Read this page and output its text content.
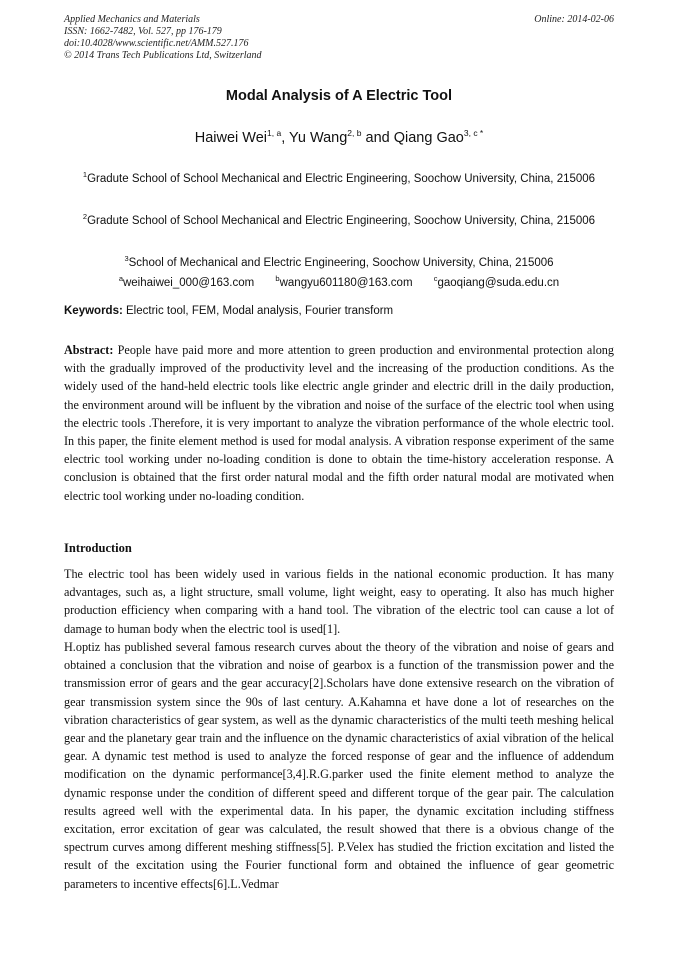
Applied Mechanics and Materials
ISSN: 1662-7482, Vol. 527, pp 176-179
doi:10.4028/www.scientific.net/AMM.527.176
© 2014 Trans Tech Publications Ltd, Switzerland
Online: 2014-02-06
Modal Analysis of A Electric Tool
Haiwei Wei$^{1, a}$, Yu Wang$^{2, b}$ and Qiang Gao$^{3, c *}$
$^1$Gradute School of School Mechanical and Electric Engineering, Soochow University, China, 215006
$^2$Gradute School of School Mechanical and Electric Engineering, Soochow University, China, 215006
$^3$School of Mechanical and Electric Engineering, Soochow University, China, 215006
$^a$weihaiwei_000@163.com	$^b$wangyu601180@163.com	$^c$gaoqiang@suda.edu.cn
Keywords: Electric tool, FEM, Modal analysis, Fourier transform
Abstract: People have paid more and more attention to green production and environmental protection along with the gradually improved of the productivity level and the increasing of the production conditions. As the widely used of the hand-held electric tools like electric angle grinder and electric drill in the daily production, the environment around will be influent by the vibration and noise of the surface of the electric tool when using the electric tools .Therefore, it is very important to analyze the vibration performance of the whole electric tool. In this paper, the finite element method is used for modal analysis. A vibration response experiment of the same electric tool working under no-loading condition is done to obtain the time-history acceleration response. A conclusion is obtained that the first order natural modal and the fifth order natural modal are motivated when electric tool working under no-loading condition.
Introduction
The electric tool has been widely used in various fields in the national economic production. It has many advantages, such as, a light structure, small volume, light weight, easy to operating. It also has much higher production efficiency when comparing with a hand tool. The vibration of the electric tool can cause a lot of damage to human body when the electric tool is used[1].
H.optiz has published several famous research curves about the theory of the vibration and noise of gears and obtained a conclusion that the vibration and noise of gearbox is a function of the transmission power and the transmission error of gears and the gear accuracy[2].Scholars have done extensive research on the vibration of gear transmission system since the 90s of last century. A.Kahamna et have done a lot of researches on the vibration characteristics of gear system, as well as the dynamic characteristics of the multi teeth meshing helical gear and the planetary gear train and the influence on the dynamic characteristics of axial vibration of the helical gear. A dynamic test method is used to analyze the forced response of gear and the influence of addendum modification on the dynamic performance[3,4].R.G.parker used the finite element method to analyze the dynamic response under the condition of different speed and different torque of the gear pair. The calculation results agreed well with the experimental data. In his paper, the dynamic excitation including stiffness excitation, error excitation of gear was calculated, the result showed that there is a obvious change of the spectrum curves among different meshing stiffness[5]. P.Velex has studied the friction excitation and listed the result of the excitation using the Fourier functional form and obtained the influence of gear geometric parameters to incentive effects[6].L.Vedmar
